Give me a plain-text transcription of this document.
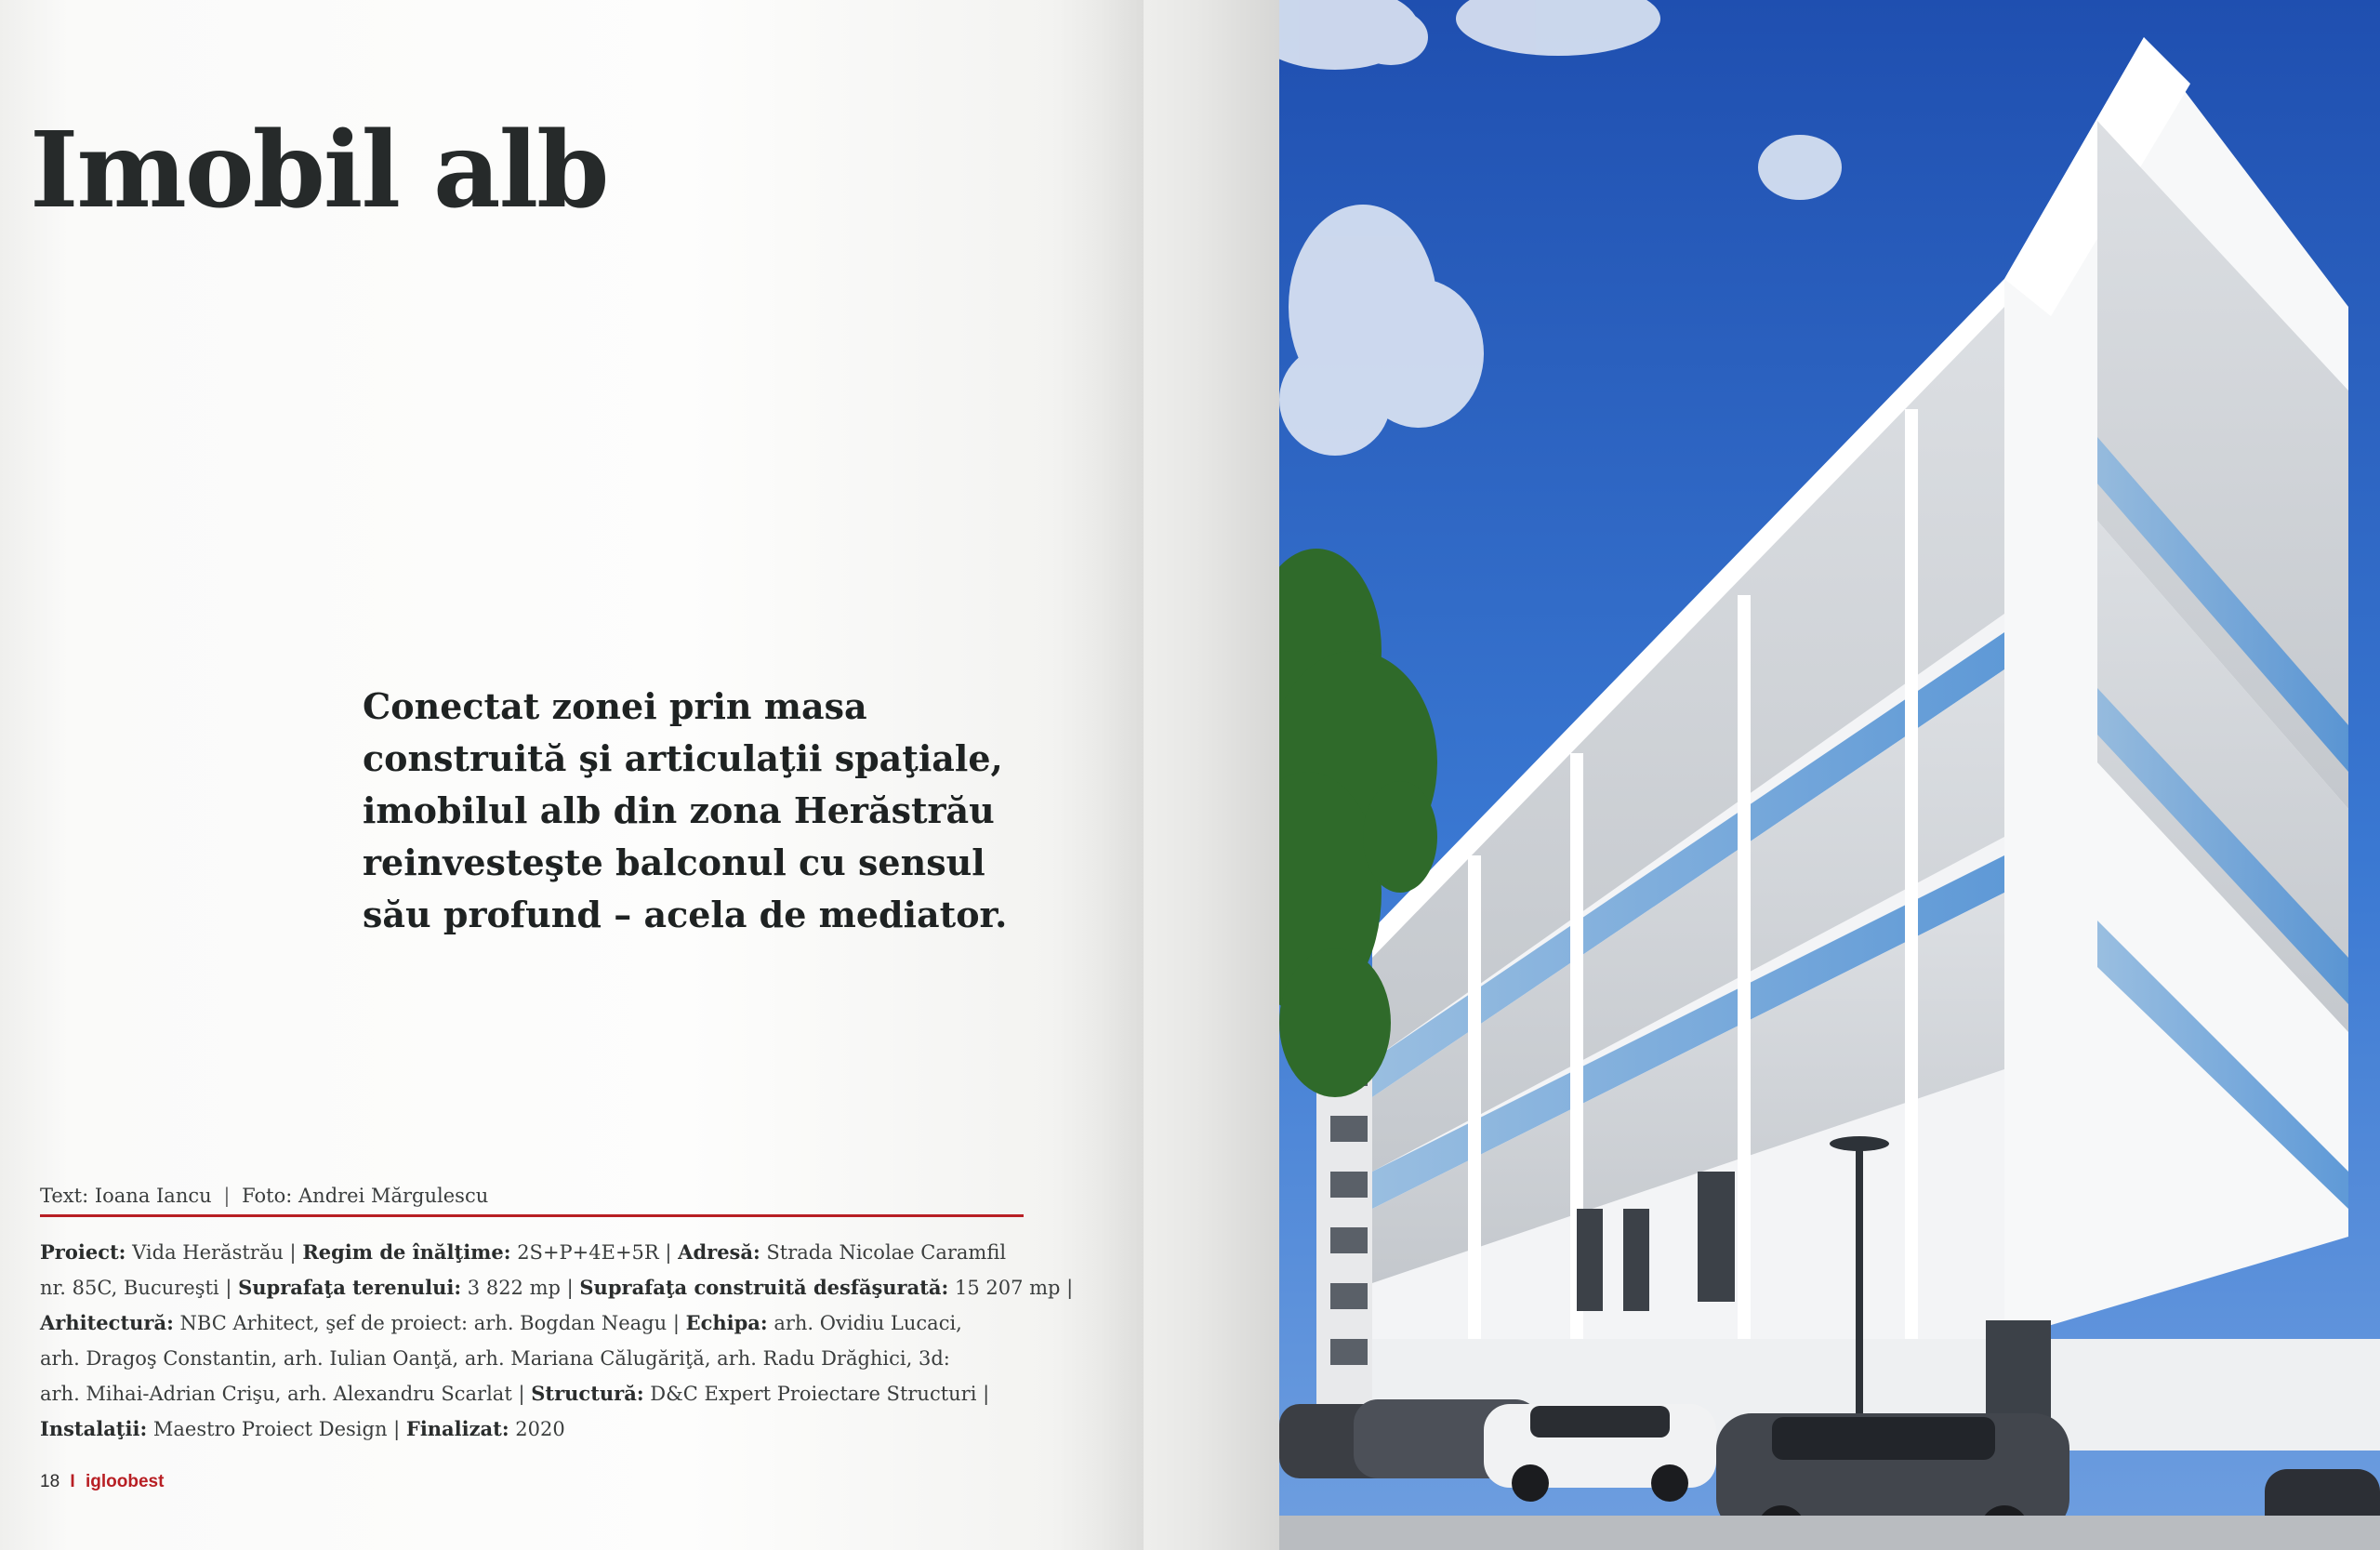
Imobil alb

Conectat zonei prin masa
construită şi articulaţii spaţiale,
imobilul alb din zona Herăstrău
reinvesteşte balconul cu sensul
său profund – acela de mediator.

Text: Ioana Iancu | Foto: Andrei Mărgulescu
Proiect: Vida Herăstrău | Regim de înălţime: 2S+P+4E+5R | Adresă: Strada Nicolae Caramfil
nr. 85C, Bucureşti | Suprafaţa terenului: 3 822 mp | Suprafaţa construită desfăşurată: 15 207 mp |
Arhitectură: NBC Arhitect, şef de proiect: arh. Bogdan Neagu | Echipa: arh. Ovidiu Lucaci,
arh. Dragoş Constantin, arh. Iulian Oanţă, arh. Mariana Călugăriţă, arh. Radu Drăghici, 3d:
arh. Mihai-Adrian Crişu, arh. Alexandru Scarlat | Structură: D&C Expert Proiectare Structuri |
Instalaţii: Maestro Proiect Design | Finalizat: 2020
18 I igloobest
